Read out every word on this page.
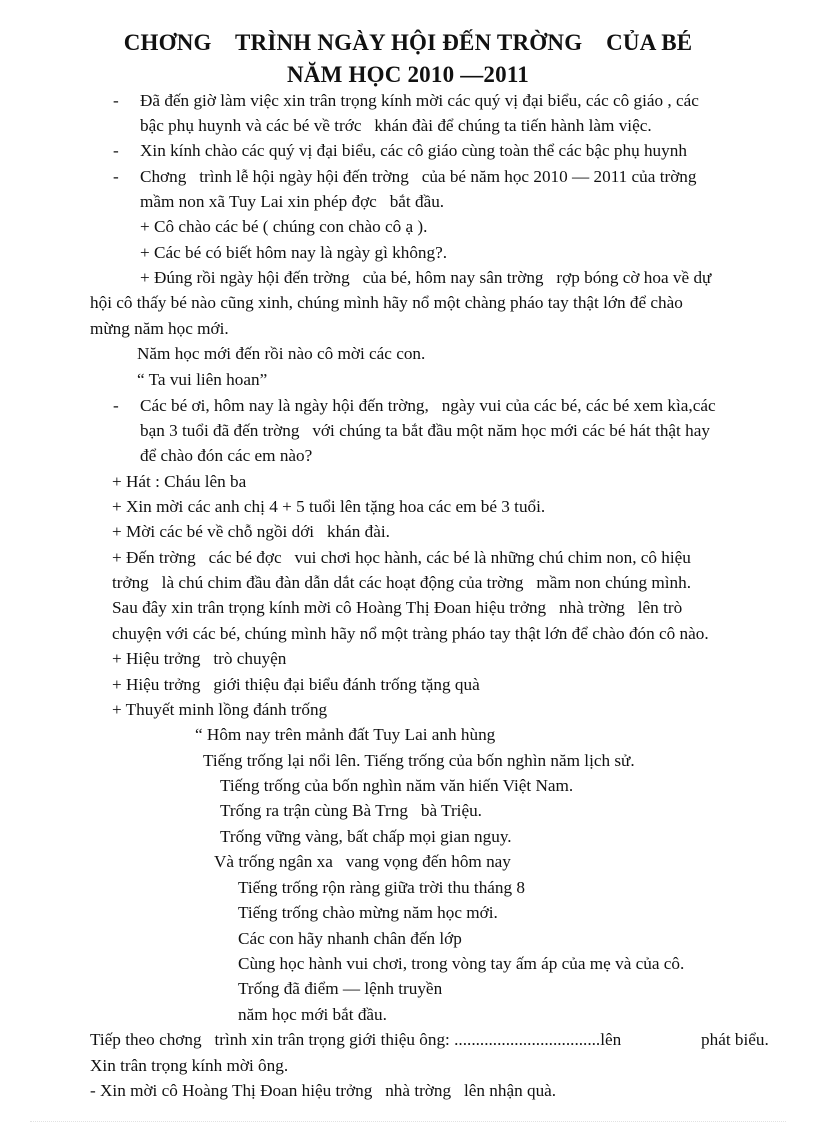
CHƠNG    TRÌNH NGÀY HỘI ĐẾN TRỜNG    CỦA BÉ
NĂM HỌC 2010 —2011
-
-
-
-
Đã đến giờ làm việc xin trân trọng kính mời các quý vị đại biểu, các cô giáo , các
bậc phụ huynh và các bé về trớc   khán đài để chúng ta tiến hành làm việc.
Xin kính chào các quý vị đại biểu, các cô giáo cùng toàn thể các bậc phụ huynh
Chơng   trình lễ hội ngày hội đến trờng   của bé năm học 2010 — 2011 của trờng
mầm non xã Tuy Lai xin phép đợc   bắt đầu.
+ Cô chào các bé ( chúng con chào cô ạ ).
+ Các bé có biết hôm nay là ngày gì không?.
+ Đúng rồi ngày hội đến trờng   của bé, hôm nay sân trờng   rợp bóng cờ hoa về dự
hội cô thấy bé nào cũng xinh, chúng mình hãy nổ một chàng pháo tay thật lớn để chào
mừng năm học mới.
Năm học mới đến rồi nào cô mời các con.
“ Ta vui liên hoan”
Các bé ơi, hôm nay là ngày hội đến trờng,   ngày vui của các bé, các bé xem kìa,các
bạn 3 tuổi đã đến trờng   với chúng ta bắt đầu một năm học mới các bé hát thật hay
để chào đón các em nào?
+ Hát : Cháu lên ba
+ Xin mời các anh chị 4 + 5 tuổi lên tặng hoa các em bé 3 tuổi.
+ Mời các bé về chỗ ngồi dới   khán đài.
+ Đến trờng   các bé đợc   vui chơi học hành, các bé là những chú chim non, cô hiệu
trởng   là chú chim đầu đàn dẫn dắt các hoạt động của trờng   mầm non chúng mình.
Sau đây xin trân trọng kính mời cô Hoàng Thị Đoan hiệu trởng   nhà trờng   lên trò
chuyện với các bé, chúng mình hãy nổ một tràng pháo tay thật lớn để chào đón cô nào.
+ Hiệu trởng   trò chuyện
+ Hiệu trởng   giới thiệu đại biểu đánh trống tặng quà
+ Thuyết minh lồng đánh trống
“ Hôm nay trên mảnh đất Tuy Lai anh hùng
Tiếng trống lại nổi lên. Tiếng trống của bốn nghìn năm lịch sử.
Tiếng trống của bốn nghìn năm văn hiến Việt Nam.
Trống ra trận cùng Bà Trng   bà Triệu.
Trống vững vàng, bất chấp mọi gian nguy.
Và trống ngân xa   vang vọng đến hôm nay
Tiếng trống rộn ràng giữa trời thu tháng 8
Tiếng trống chào mừng năm học mới.
Các con hãy nhanh chân đến lớp
Cùng học hành vui chơi, trong vòng tay ấm áp của mẹ và của cô.
Trống đã điểm — lệnh truyền
năm học mới bắt đầu.
Tiếp theo chơng   trình xin trân trọng giới thiệu ông: ..................................lên	phát biểu.
Xin trân trọng kính mời ông.
- Xin mời cô Hoàng Thị Đoan hiệu trởng   nhà trờng   lên nhận quà.
